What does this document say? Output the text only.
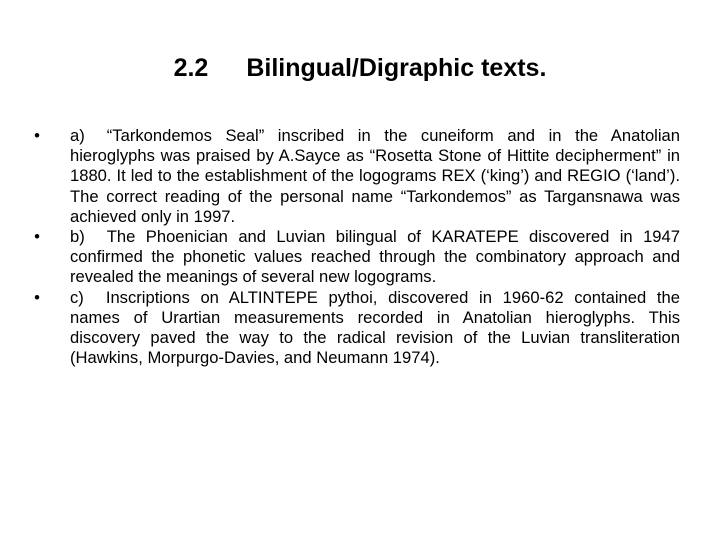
2.2 Bilingual/Digraphic texts.
• a) “Tarkondemos Seal” inscribed in the cuneiform and in the Anatolian hieroglyphs was praised by A.Sayce as “Rosetta Stone of Hittite decipherment” in 1880. It led to the establishment of the logograms REX (‘king’) and REGIO (‘land’). The correct reading of the personal name “Tarkondemos” as Targansnawa was achieved only in 1997.
• b) The Phoenician and Luvian bilingual of KARATEPE discovered in 1947 confirmed the phonetic values reached through the combinatory approach and revealed the meanings of several new logograms.
• c) Inscriptions on ALTINTEPE pythoi, discovered in 1960-62 contained the names of Urartian measurements recorded in Anatolian hieroglyphs. This discovery paved the way to the radical revision of the Luvian transliteration (Hawkins, Morpurgo-Davies, and Neumann 1974).
